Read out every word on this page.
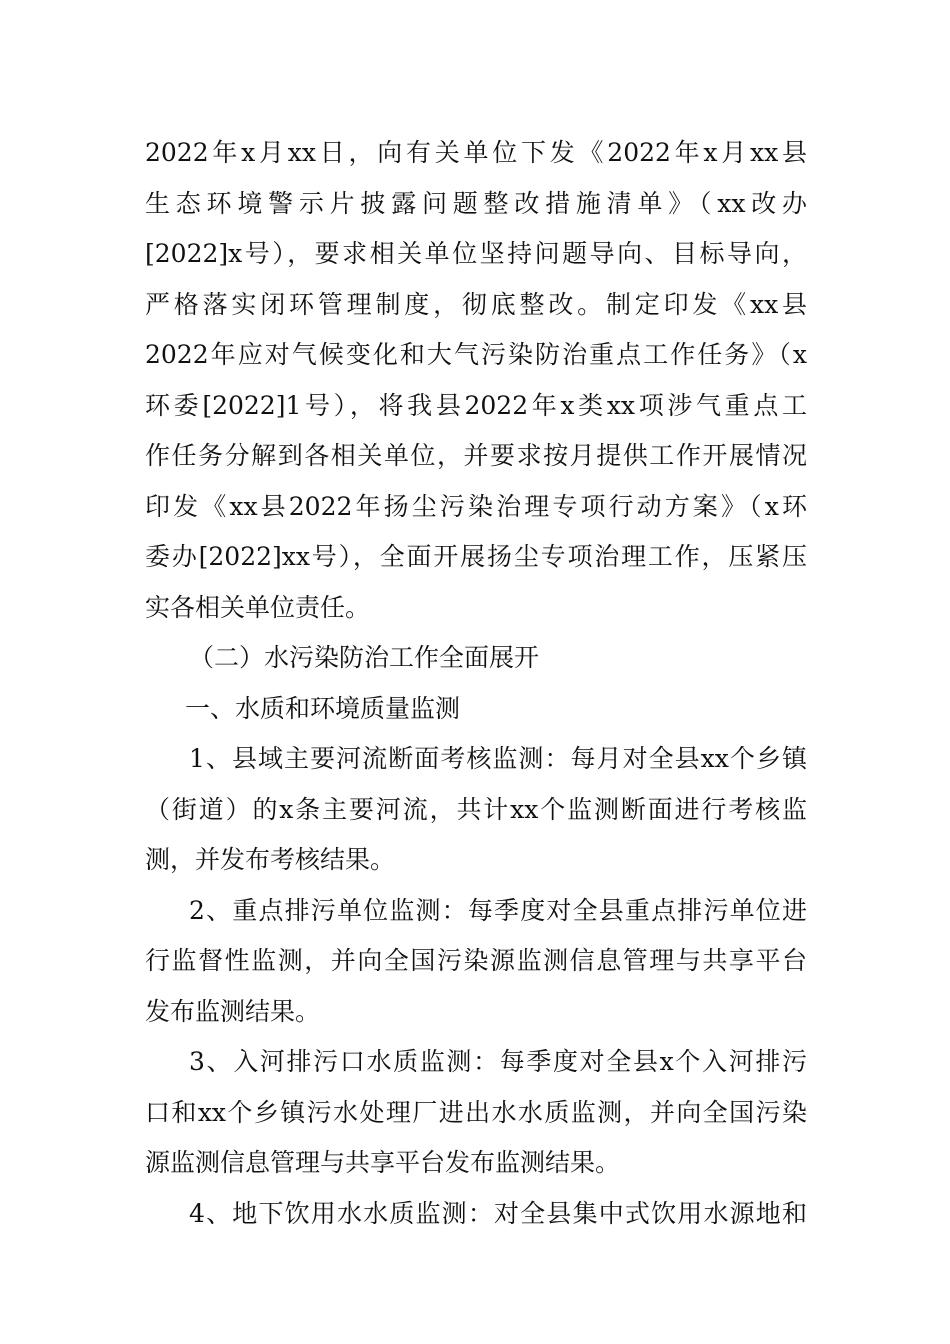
2022年x月xx日，向有关单位下发《2022年x月xx县
生态环境警示片披露问题整改措施清单》（xx改办
[2022]x号），要求相关单位坚持问题导向、目标导向，
严格落实闭环管理制度，彻底整改。制定印发《xx县
2022年应对气候变化和大气污染防治重点工作任务》（x
环委[2022]1号），将我县2022年x类xx项涉气重点工
作任务分解到各相关单位，并要求按月提供工作开展情况
印发《xx县2022年扬尘污染治理专项行动方案》（x环
委办[2022]xx号），全面开展扬尘专项治理工作，压紧压
实各相关单位责任。
（二）水污染防治工作全面展开
一、水质和环境质量监测
1、县域主要河流断面考核监测：每月对全县xx个乡镇
（街道）的x条主要河流，共计xx个监测断面进行考核监
测，并发布考核结果。
2、重点排污单位监测：每季度对全县重点排污单位进
行监督性监测，并向全国污染源监测信息管理与共享平台
发布监测结果。
3、入河排污口水质监测：每季度对全县x个入河排污
口和xx个乡镇污水处理厂进出水水质监测，并向全国污染
源监测信息管理与共享平台发布监测结果。
4、地下饮用水水质监测：对全县集中式饮用水源地和
